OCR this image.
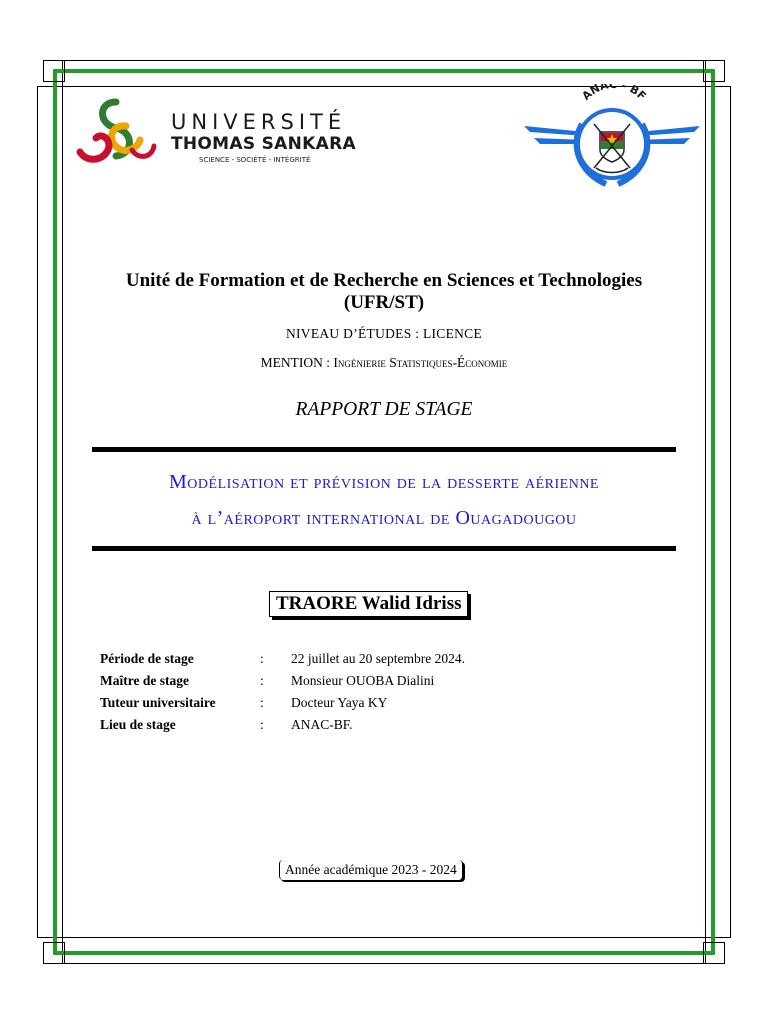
UNIVERSITÉ
THOMAS SANKARA
SCIENCE - SOCIÉTÉ - INTÉGRITÉ
ANAC - BF
Unité de Formation et de Recherche en Sciences et Technologies (UFR/ST)
NIVEAU D’ÉTUDES : LICENCE
MENTION : Ingénierie Statistiques-Économie
RAPPORT DE STAGE
Modélisation et prévision de la desserte aérienne
à l’aéroport international de Ouagadougou
TRAORE Walid Idriss
Période de stage	: 22 juillet au 20 septembre 2024.
Maître de stage	: Monsieur OUOBA Dialini
Tuteur universitaire	: Docteur Yaya KY
Lieu de stage	: ANAC-BF.
Année académique 2023 - 2024
